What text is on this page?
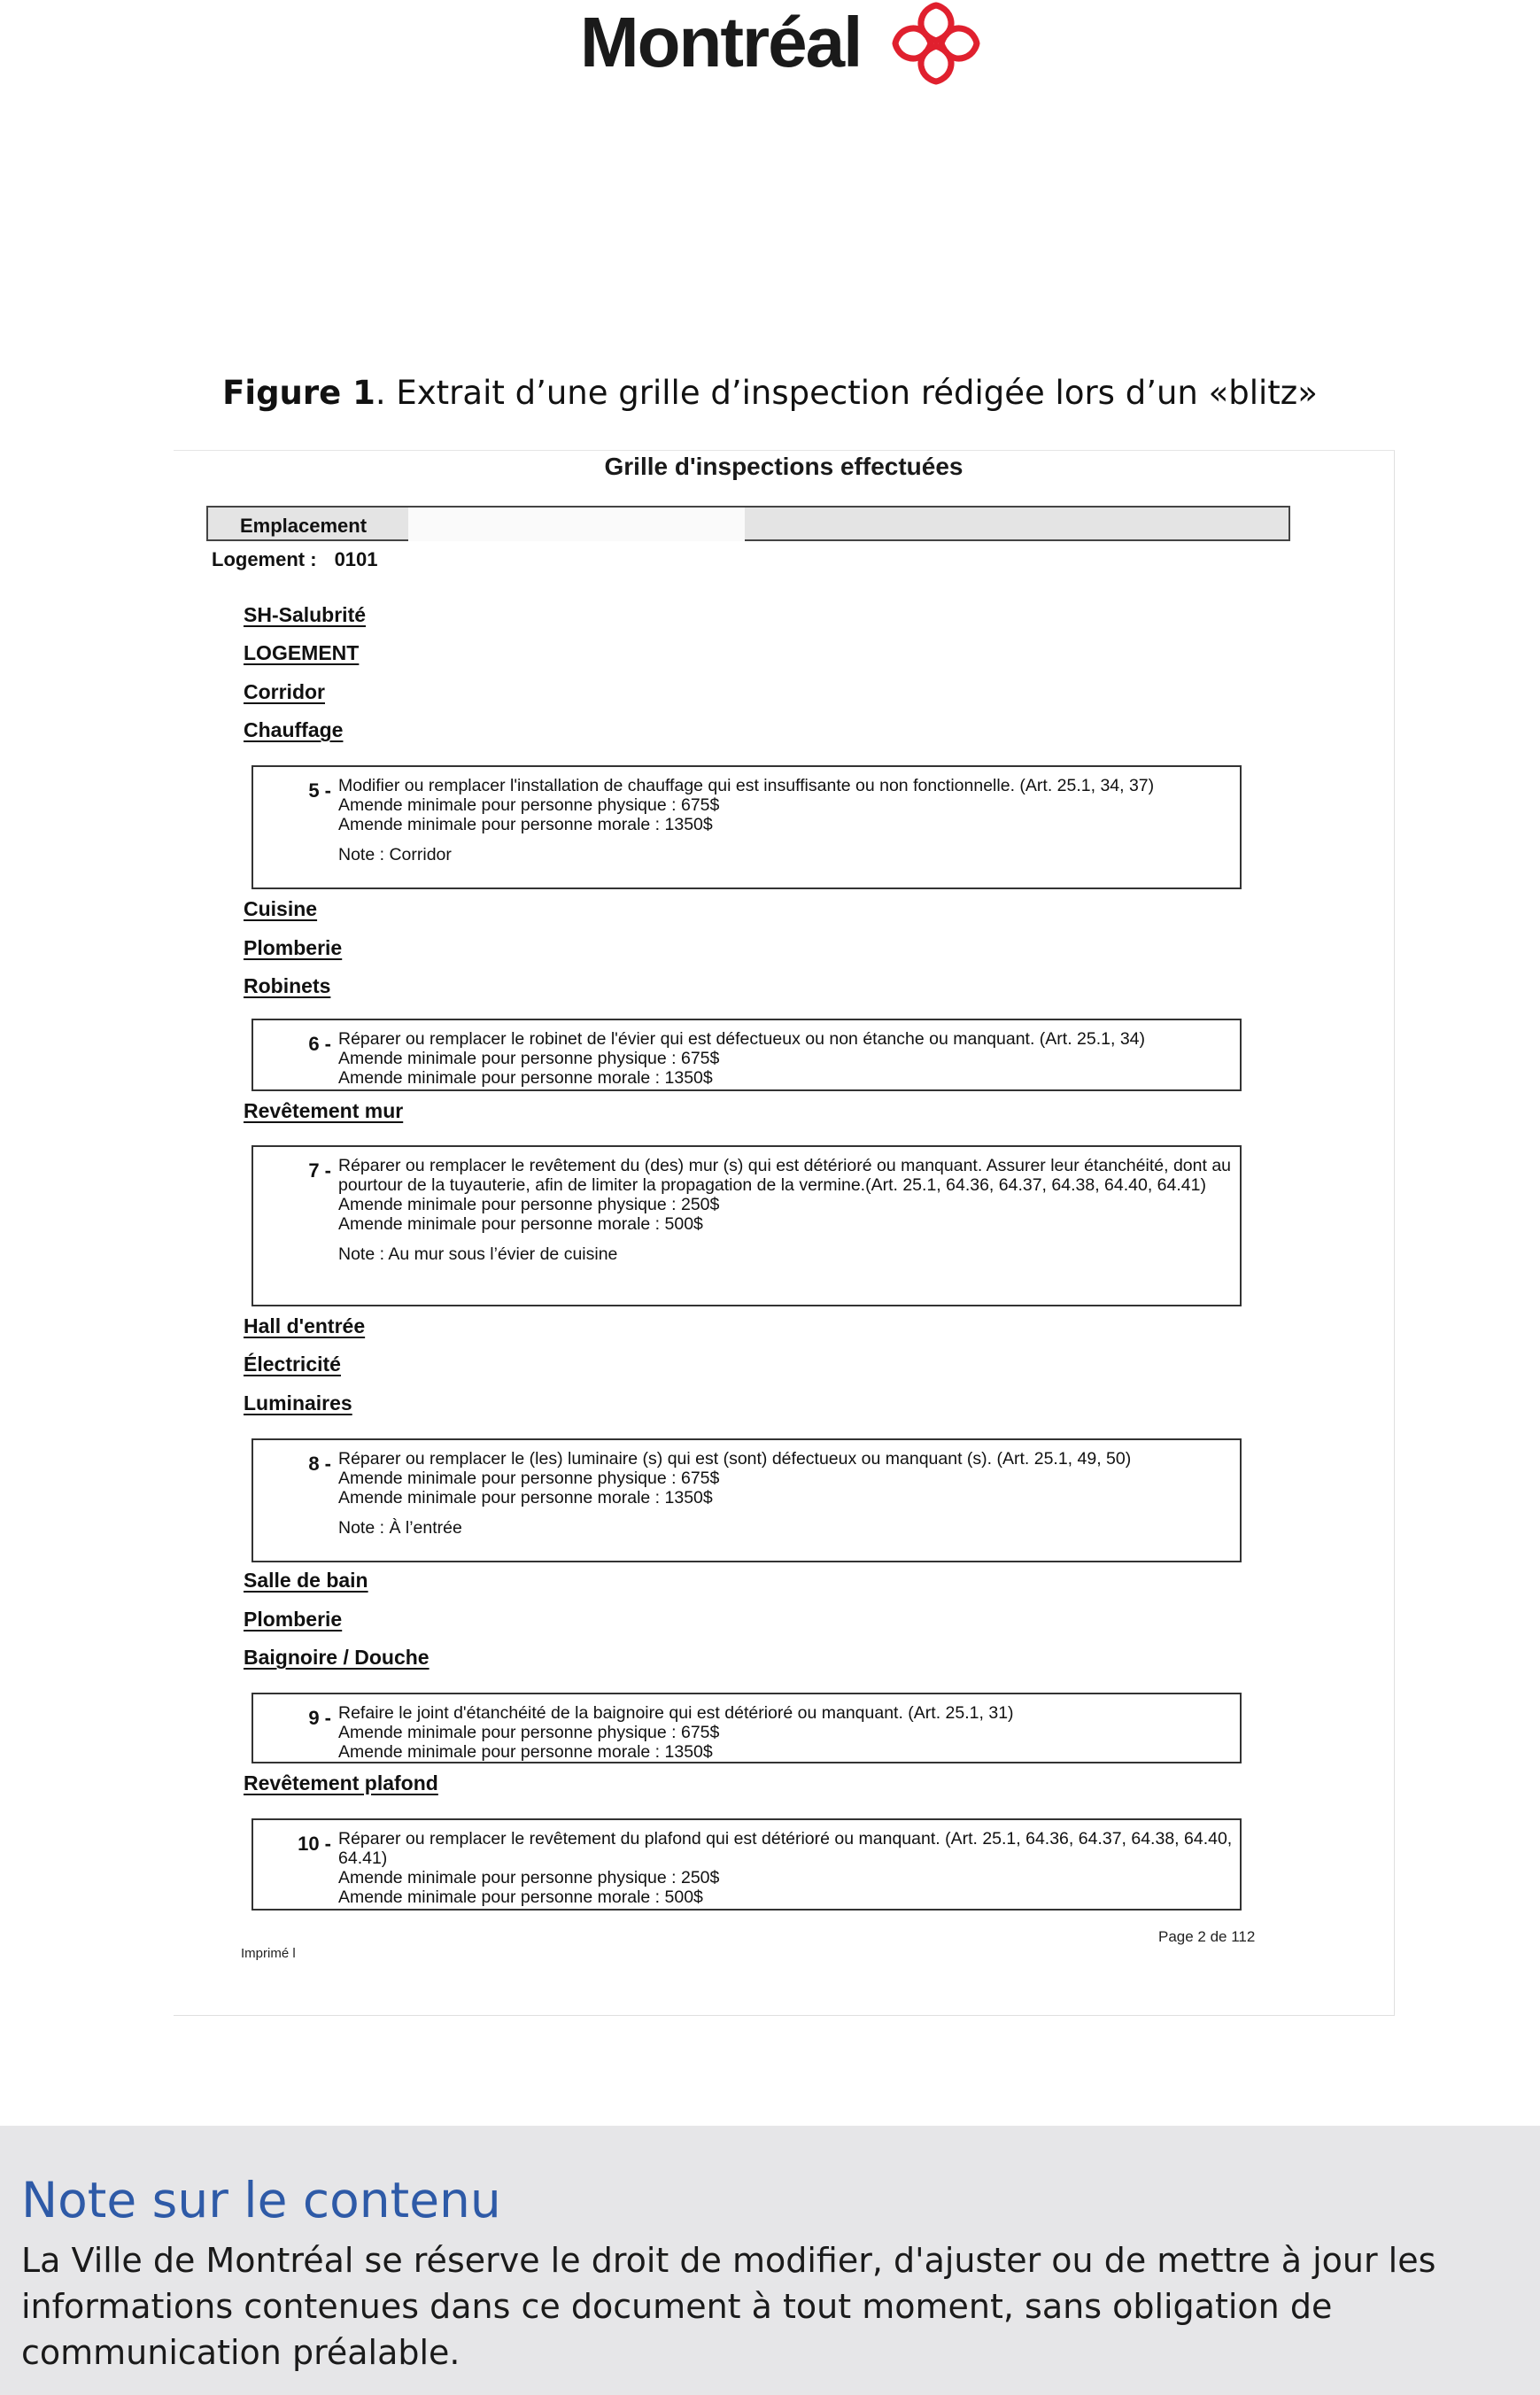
Montréal
Figure 1. Extrait d’une grille d’inspection rédigée lors d’un «blitz»
Grille d'inspections effectuées
Emplacement
Logement : 0101
SH-Salubrité
LOGEMENT
Corridor
Chauffage
5 - Modifier ou remplacer l'installation de chauffage qui est insuffisante ou non fonctionnelle. (Art. 25.1, 34, 37)
Amende minimale pour personne physique : 675$
Amende minimale pour personne morale : 1350$
Note : Corridor
Cuisine
Plomberie
Robinets
6 - Réparer ou remplacer le robinet de l'évier qui est défectueux ou non étanche ou manquant. (Art. 25.1, 34)
Amende minimale pour personne physique : 675$
Amende minimale pour personne morale : 1350$
Revêtement mur
7 - Réparer ou remplacer le revêtement du (des) mur (s) qui est détérioré ou manquant. Assurer leur étanchéité, dont au pourtour de la tuyauterie, afin de limiter la propagation de la vermine.(Art. 25.1, 64.36, 64.37, 64.38, 64.40, 64.41)
Amende minimale pour personne physique : 250$
Amende minimale pour personne morale : 500$
Note : Au mur sous l’évier de cuisine
Hall d'entrée
Électricité
Luminaires
8 - Réparer ou remplacer le (les) luminaire (s) qui est (sont) défectueux ou manquant (s). (Art. 25.1, 49, 50)
Amende minimale pour personne physique : 675$
Amende minimale pour personne morale : 1350$
Note : À l’entrée
Salle de bain
Plomberie
Baignoire / Douche
9 - Refaire le joint d'étanchéité de la baignoire qui est détérioré ou manquant. (Art. 25.1, 31)
Amende minimale pour personne physique : 675$
Amende minimale pour personne morale : 1350$
Revêtement plafond
10 - Réparer ou remplacer le revêtement du plafond qui est détérioré ou manquant. (Art. 25.1, 64.36, 64.37, 64.38, 64.40, 64.41)
Amende minimale pour personne physique : 250$
Amende minimale pour personne morale : 500$
Page 2 de 112
Imprimé l
Note sur le contenu
La Ville de Montréal se réserve le droit de modifier, d'ajuster ou de mettre à jour les informations contenues dans ce document à tout moment, sans obligation de communication préalable.
